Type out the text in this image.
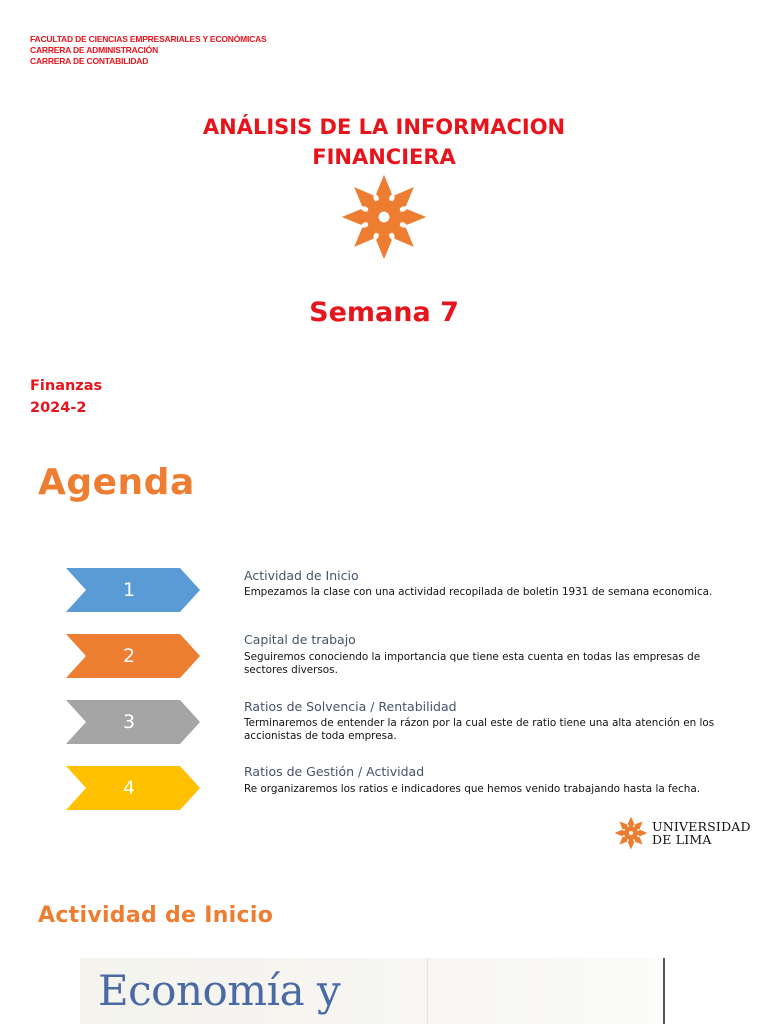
FACULTAD DE CIENCIAS EMPRESARIALES Y ECONÓMICAS
CARRERA DE ADMINISTRACIÓN
CARRERA DE CONTABILIDAD
ANÁLISIS DE LA INFORMACION
FINANCIERA
Semana 7
Finanzas
2024-2
Agenda
1
Actividad de Inicio
Empezamos la clase con una actividad recopilada de boletin 1931 de semana economica.
2
Capital de trabajo
Seguiremos conociendo la importancia que tiene esta cuenta en todas las empresas de sectores diversos.
3
Ratios de Solvencia / Rentabilidad
Terminaremos de entender la rázon por la cual este de ratio tiene una alta atención en los accionistas de toda empresa.
4
Ratios de Gestión / Actividad
Re organizaremos los ratios e indicadores que hemos venido trabajando hasta la fecha.
UNIVERSIDAD
DE LIMA
Actividad de Inicio
Economía y
